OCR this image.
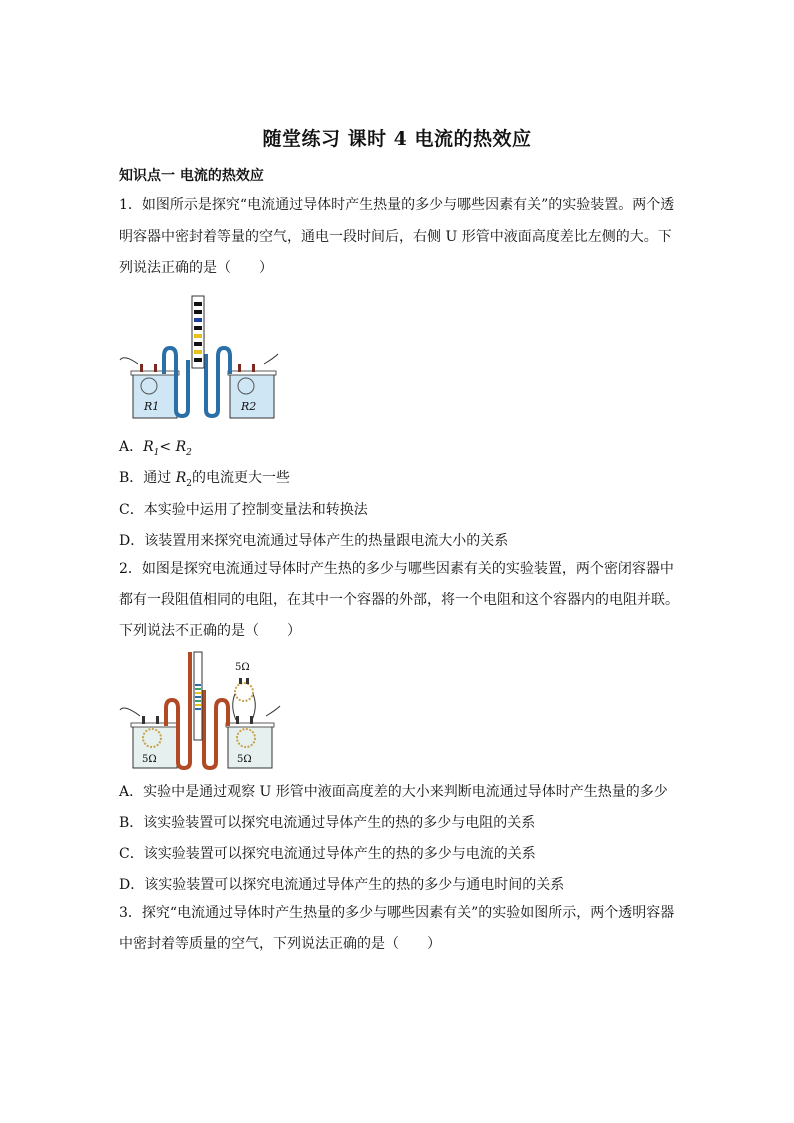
随堂练习 课时 4 电流的热效应
知识点一 电流的热效应
1．如图所示是探究“电流通过导体时产生热量的多少与哪些因素有关”的实验装置。两个透
明容器中密封着等量的空气，通电一段时间后，右侧 U 形管中液面高度差比左侧的大。下
列说法正确的是（　　）
R1	R2
A．$R_1< R_2$
B．通过 $R_2$的电流更大一些
C．本实验中运用了控制变量法和转换法
D．该装置用来探究电流通过导体产生的热量跟电流大小的关系
2．如图是探究电流通过导体时产生热的多少与哪些因素有关的实验装置，两个密闭容器中
都有一段阻值相同的电阻，在其中一个容器的外部，将一个电阻和这个容器内的电阻并联。
下列说法不正确的是（　　）
5Ω
5Ω	5Ω
A．实验中是通过观察 U 形管中液面高度差的大小来判断电流通过导体时产生热量的多少
B．该实验装置可以探究电流通过导体产生的热的多少与电阻的关系
C．该实验装置可以探究电流通过导体产生的热的多少与电流的关系
D．该实验装置可以探究电流通过导体产生的热的多少与通电时间的关系
3．探究“电流通过导体时产生热量的多少与哪些因素有关”的实验如图所示，两个透明容器
中密封着等质量的空气，下列说法正确的是（　　）
